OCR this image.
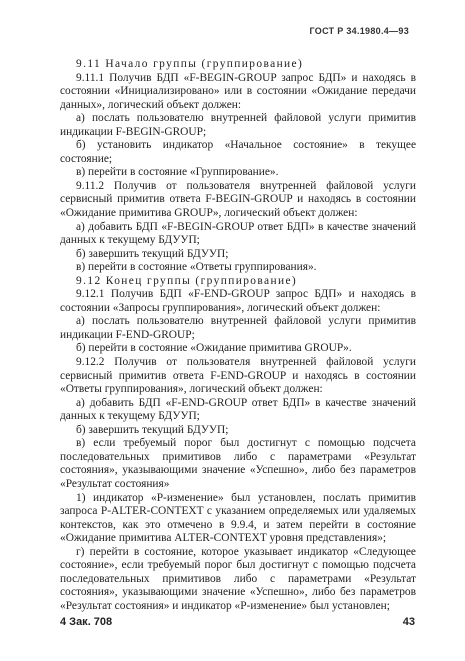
ГОСТ Р 34.1980.4—93

9.11 Начало группы (группирование)

9.11.1 Получив БДП «F-BEGIN-GROUP запрос БДП» и находясь в состоянии «Инициализировано» или в состоянии «Ожидание передачи данных», логический объект должен:

а) послать пользователю внутренней файловой услуги примитив индикации F-BEGIN-GROUP;

б) установить индикатор «Начальное состояние» в текущее состояние;

в) перейти в состояние «Группирование».

9.11.2 Получив от пользователя внутренней файловой услуги сервисный примитив ответа F-BEGIN-GROUP и находясь в состоянии «Ожидание примитива GROUP», логический объект должен:

а) добавить БДП «F-BEGIN-GROUP ответ БДП» в качестве значений данных к текущему БДУУП;

б) завершить текущий БДУУП;

в) перейти в состояние «Ответы группирования».

9.12 Конец группы (группирование)

9.12.1 Получив БДП «F-END-GROUP запрос БДП» и находясь в состоянии «Запросы группирования», логический объект должен:

а) послать пользователю внутренней файловой услуги примитив индикации F-END-GROUP;

б) перейти в состояние «Ожидание примитива GROUP».

9.12.2 Получив от пользователя внутренней файловой услуги сервисный примитив ответа F-END-GROUP и находясь в состоянии «Ответы группирования», логический объект должен:

а) добавить БДП «F-END-GROUP ответ БДП» в качестве значений данных к текущему БДУУП;

б) завершить текущий БДУУП;

в) если требуемый порог был достигнут с помощью подсчета последовательных примитивов либо с параметрами «Результат состояния», указывающими значение «Успешно», либо без параметров «Результат состояния»

1) индикатор «Р-изменение» был установлен, послать примитив запроса P-ALTER-CONTEXT с указанием определяемых или удаляемых контекстов, как это отмечено в 9.9.4, и затем перейти в состояние «Ожидание примитива ALTER-CONTEXT уровня представления»;

г) перейти в состояние, которое указывает индикатор «Следующее состояние», если требуемый порог был достигнут с помощью подсчета последовательных примитивов либо с параметрами «Результат состояния», указывающими значение «Успешно», либо без параметров «Результат состояния» и индикатор «Р-изменение» был установлен;

4 Зак. 708	43
